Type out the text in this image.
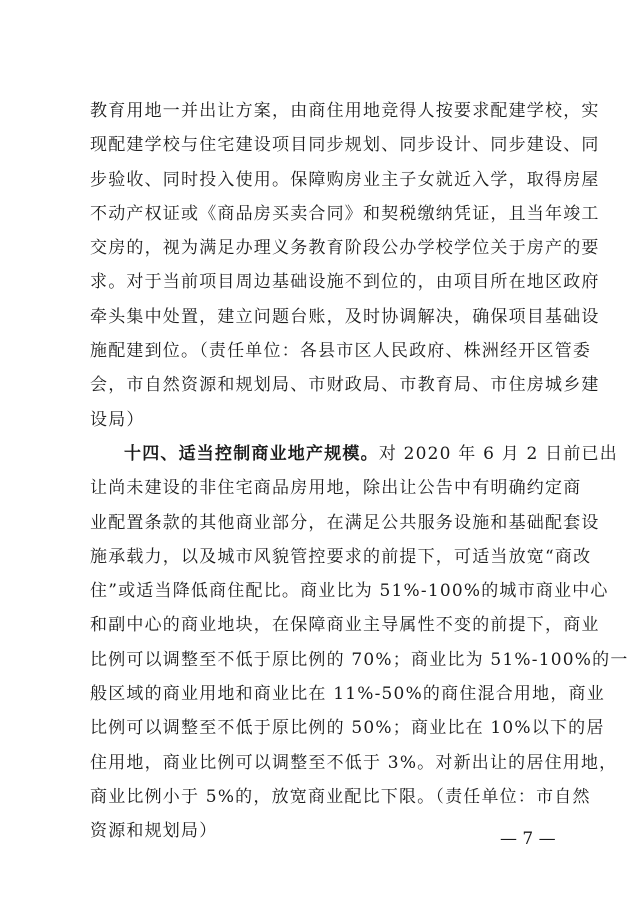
教育用地一并出让方案，由商住用地竞得人按要求配建学校，实
现配建学校与住宅建设项目同步规划、同步设计、同步建设、同
步验收、同时投入使用。保障购房业主子女就近入学，取得房屋
不动产权证或《商品房买卖合同》和契税缴纳凭证，且当年竣工
交房的，视为满足办理义务教育阶段公办学校学位关于房产的要
求。对于当前项目周边基础设施不到位的，由项目所在地区政府
牵头集中处置，建立问题台账，及时协调解决，确保项目基础设
施配建到位。（责任单位：各县市区人民政府、株洲经开区管委
会，市自然资源和规划局、市财政局、市教育局、市住房城乡建
设局）
十四、适当控制商业地产规模。对 2020 年 6 月 2 日前已出
让尚未建设的非住宅商品房用地，除出让公告中有明确约定商
业配置条款的其他商业部分，在满足公共服务设施和基础配套设
施承载力，以及城市风貌管控要求的前提下，可适当放宽“商改
住”或适当降低商住配比。商业比为 51%-100%的城市商业中心
和副中心的商业地块，在保障商业主导属性不变的前提下，商业
比例可以调整至不低于原比例的 70%；商业比为 51%-100%的一
般区域的商业用地和商业比在 11%-50%的商住混合用地，商业
比例可以调整至不低于原比例的 50%；商业比在 10%以下的居
住用地，商业比例可以调整至不低于 3%。对新出让的居住用地，
商业比例小于 5%的，放宽商业配比下限。（责任单位：市自然
资源和规划局）	— 7 —
